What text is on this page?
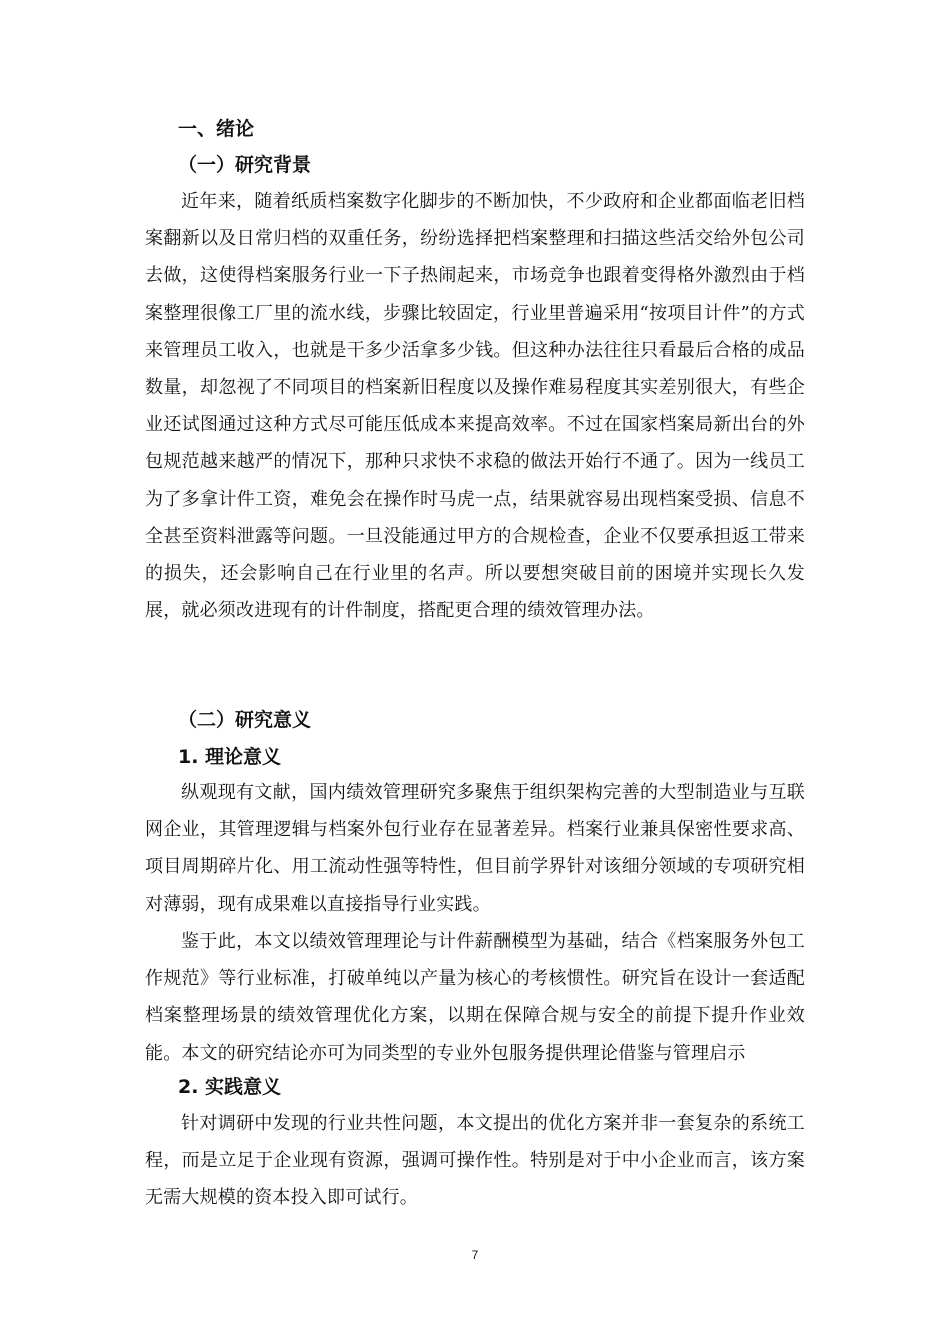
一、绪论
（一）研究背景

近年来，随着纸质档案数字化脚步的不断加快，不少政府和企业都面临老旧档案翻新以及日常归档的双重任务，纷纷选择把档案整理和扫描这些活交给外包公司去做，这使得档案服务行业一下子热闹起来，市场竞争也跟着变得格外激烈由于档案整理很像工厂里的流水线，步骤比较固定，行业里普遍采用“按项目计件”的方式来管理员工收入，也就是干多少活拿多少钱。但这种办法往往只看最后合格的成品数量，却忽视了不同项目的档案新旧程度以及操作难易程度其实差别很大，有些企业还试图通过这种方式尽可能压低成本来提高效率。不过在国家档案局新出台的外包规范越来越严的情况下，那种只求快不求稳的做法开始行不通了。因为一线员工为了多拿计件工资，难免会在操作时马虎一点，结果就容易出现档案受损、信息不全甚至资料泄露等问题。一旦没能通过甲方的合规检查，企业不仅要承担返工带来的损失，还会影响自己在行业里的名声。所以要想突破目前的困境并实现长久发展，就必须改进现有的计件制度，搭配更合理的绩效管理办法。

（二）研究意义
1. 理论意义

纵观现有文献，国内绩效管理研究多聚焦于组织架构完善的大型制造业与互联网企业，其管理逻辑与档案外包行业存在显著差异。档案行业兼具保密性要求高、项目周期碎片化、用工流动性强等特性，但目前学界针对该细分领域的专项研究相对薄弱，现有成果难以直接指导行业实践。

鉴于此，本文以绩效管理理论与计件薪酬模型为基础，结合《档案服务外包工作规范》等行业标准，打破单纯以产量为核心的考核惯性。研究旨在设计一套适配档案整理场景的绩效管理优化方案，以期在保障合规与安全的前提下提升作业效能。本文的研究结论亦可为同类型的专业外包服务提供理论借鉴与管理启示

2. 实践意义

针对调研中发现的行业共性问题，本文提出的优化方案并非一套复杂的系统工程，而是立足于企业现有资源，强调可操作性。特别是对于中小企业而言，该方案无需大规模的资本投入即可试行。

7
